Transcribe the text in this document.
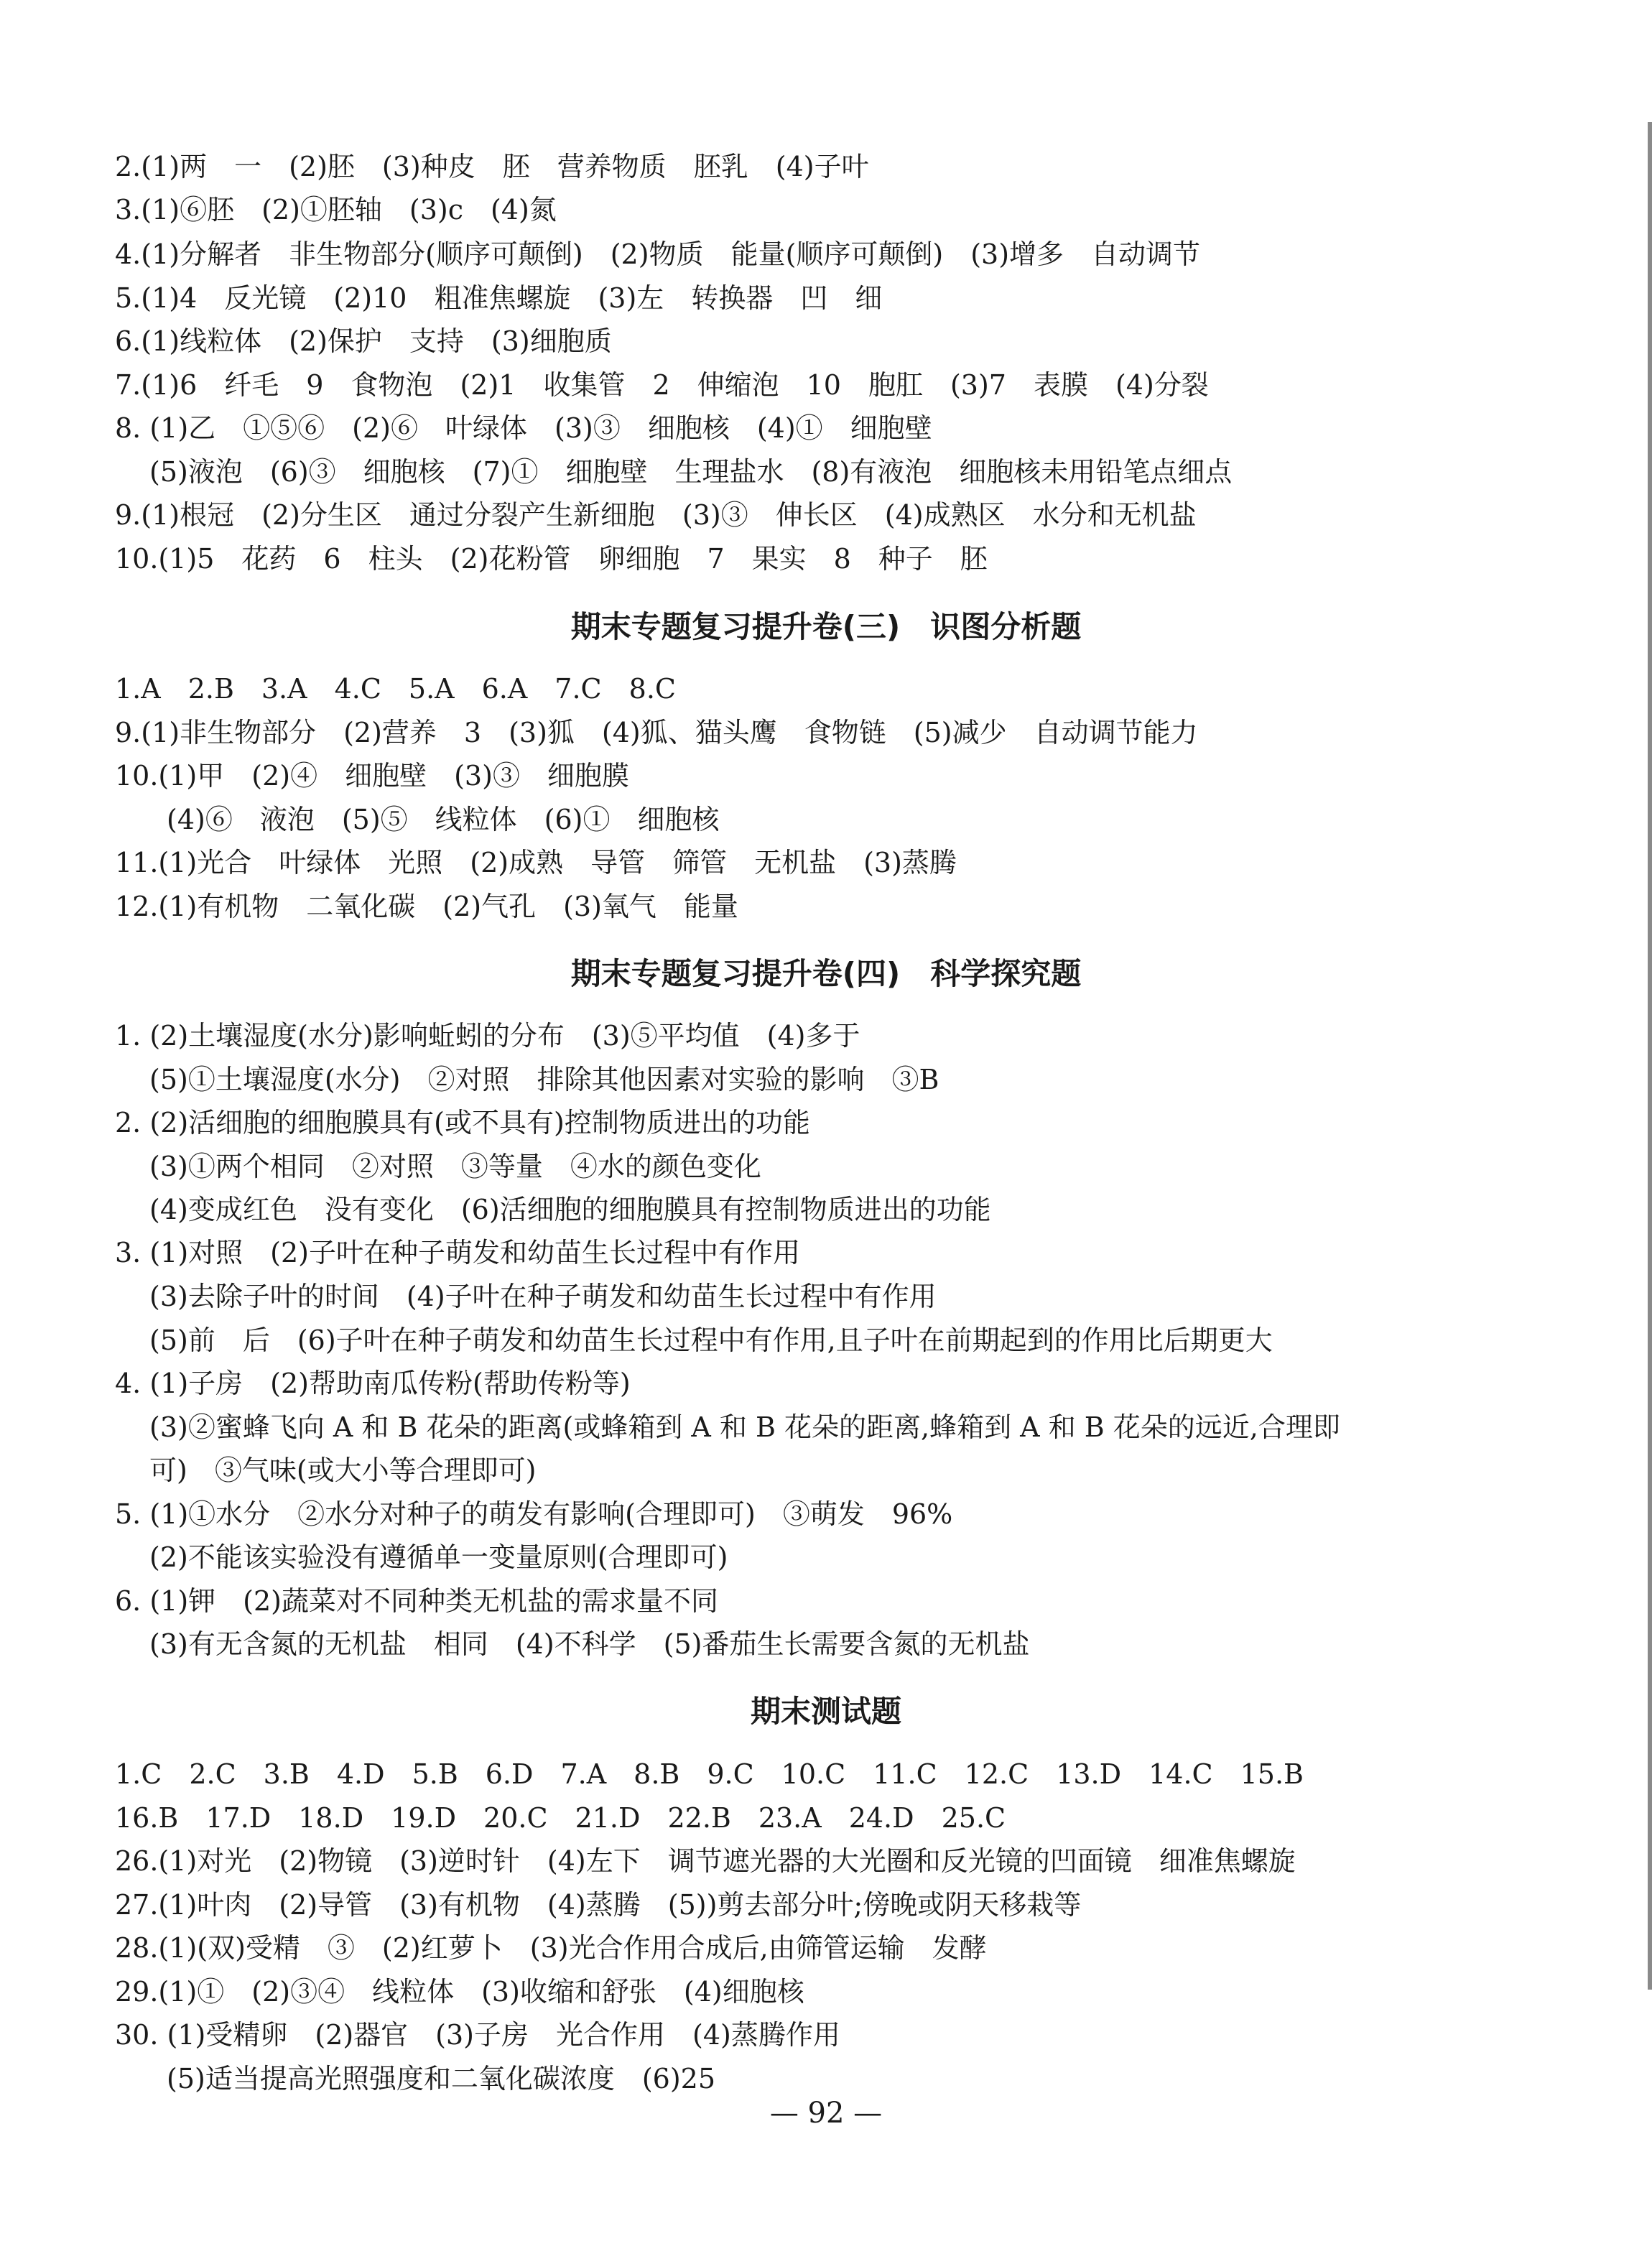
2.(1)两　一　(2)胚　(3)种皮　胚　营养物质　胚乳　(4)子叶
3.(1)⑥胚　(2)①胚轴　(3)c　(4)氮
4.(1)分解者　非生物部分(顺序可颠倒)　(2)物质　能量(顺序可颠倒)　(3)增多　自动调节
5.(1)4　反光镜　(2)10　粗准焦螺旋　(3)左　转换器　凹　细
6.(1)线粒体　(2)保护　支持　(3)细胞质
7.(1)6　纤毛　9　食物泡　(2)1　收集管　2　伸缩泡　10　胞肛　(3)7　表膜　(4)分裂
8. (1)乙　①⑤⑥　(2)⑥　叶绿体　(3)③　细胞核　(4)①　细胞壁
(5)液泡　(6)③　细胞核　(7)①　细胞壁　生理盐水　(8)有液泡　细胞核未用铅笔点细点
9.(1)根冠　(2)分生区　通过分裂产生新细胞　(3)③　伸长区　(4)成熟区　水分和无机盐
10.(1)5　花药　6　柱头　(2)花粉管　卵细胞　7　果实　8　种子　胚
期末专题复习提升卷(三)　识图分析题
1.A　2.B　3.A　4.C　5.A　6.A　7.C　8.C
9.(1)非生物部分　(2)营养　3　(3)狐　(4)狐、猫头鹰　食物链　(5)减少　自动调节能力
10.(1)甲　(2)④　细胞壁　(3)③　细胞膜
(4)⑥　液泡　(5)⑤　线粒体　(6)①　细胞核
11.(1)光合　叶绿体　光照　(2)成熟　导管　筛管　无机盐　(3)蒸腾
12.(1)有机物　二氧化碳　(2)气孔　(3)氧气　能量
期末专题复习提升卷(四)　科学探究题
1. (2)土壤湿度(水分)影响蚯蚓的分布　(3)⑤平均值　(4)多于
(5)①土壤湿度(水分)　②对照　排除其他因素对实验的影响　③B
2. (2)活细胞的细胞膜具有(或不具有)控制物质进出的功能
(3)①两个相同　②对照　③等量　④水的颜色变化
(4)变成红色　没有变化　(6)活细胞的细胞膜具有控制物质进出的功能
3. (1)对照　(2)子叶在种子萌发和幼苗生长过程中有作用
(3)去除子叶的时间　(4)子叶在种子萌发和幼苗生长过程中有作用
(5)前　后　(6)子叶在种子萌发和幼苗生长过程中有作用,且子叶在前期起到的作用比后期更大
4. (1)子房　(2)帮助南瓜传粉(帮助传粉等)
(3)②蜜蜂飞向 A 和 B 花朵的距离(或蜂箱到 A 和 B 花朵的距离,蜂箱到 A 和 B 花朵的远近,合理即
可)　③气味(或大小等合理即可)
5. (1)①水分　②水分对种子的萌发有影响(合理即可)　③萌发　96%
(2)不能该实验没有遵循单一变量原则(合理即可)
6. (1)钾　(2)蔬菜对不同种类无机盐的需求量不同
(3)有无含氮的无机盐　相同　(4)不科学　(5)番茄生长需要含氮的无机盐
期末测试题
1.C　2.C　3.B　4.D　5.B　6.D　7.A　8.B　9.C　10.C　11.C　12.C　13.D　14.C　15.B
16.B　17.D　18.D　19.D　20.C　21.D　22.B　23.A　24.D　25.C
26.(1)对光　(2)物镜　(3)逆时针　(4)左下　调节遮光器的大光圈和反光镜的凹面镜　细准焦螺旋
27.(1)叶肉　(2)导管　(3)有机物　(4)蒸腾　(5))剪去部分叶;傍晚或阴天移栽等
28.(1)(双)受精　③　(2)红萝卜　(3)光合作用合成后,由筛管运输　发酵
29.(1)①　(2)③④　线粒体　(3)收缩和舒张　(4)细胞核
30. (1)受精卵　(2)器官　(3)子房　光合作用　(4)蒸腾作用
(5)适当提高光照强度和二氧化碳浓度　(6)25
— 92 —
